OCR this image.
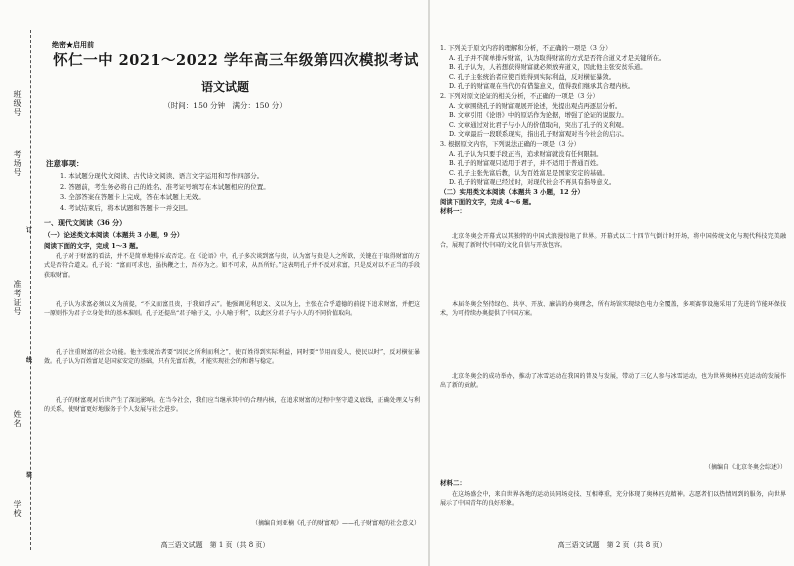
班级号
考场号
准考证号
姓名
学校
订
线
装
绝密★启用前
怀仁一中 2021～2022 学年高三年级第四次模拟考试
语文试题
（时间：150 分钟　满分：150 分）
注意事项：
1. 本试题分现代文阅读、古代诗文阅读、语言文字运用和写作四部分。
2. 答题前，考生务必将自己的姓名、准考证号填写在本试题相应的位置。
3. 全部答案在答题卡上完成，答在本试题上无效。
4. 考试结束后，将本试题和答题卡一并交回。
一、现代文阅读（36 分）
（一）论述类文本阅读（本题共 3 小题，9 分）
阅读下面的文字，完成 1～3 题。
孔子对于财富的看法，并不是简单地排斥或否定。在《论语》中，孔子多次谈到富与贵，认为富与贵是人之所欲，关键在于取得财富的方式是否符合道义。孔子说：“富而可求也，虽执鞭之士，吾亦为之。如不可求，从吾所好。”这表明孔子并不反对求富，只是反对以不正当的手段获取财富。
孔子认为求富必须以义为前提，“不义而富且贵，于我如浮云”。他强调见利思义、义以为上，主张在合乎道德的前提下追求财富，并把这一原则作为君子立身处世的基本准则。孔子还提出“君子喻于义，小人喻于利”，以此区分君子与小人的不同价值取向。
孔子注重财富的社会功能。他主张统治者要“因民之所利而利之”，使百姓得到实际利益，同时要“节用而爱人，使民以时”，反对横征暴敛。孔子认为百姓富足是国家安定的基础，只有先富后教，才能实现社会的和谐与稳定。
孔子的财富观对后世产生了深远影响。在当今社会，我们应当继承其中的合理内核，在追求财富的过程中坚守道义底线，正确处理义与利的关系，使财富更好地服务于个人发展与社会进步。
（摘编自刘亚楠《孔子的财富观》——孔子财富观的社会意义）
高三语文试题　第 1 页（共 8 页）
1. 下列关于原文内容的理解和分析，不正确的一项是（3 分）
A. 孔子并不简单排斥财富，认为取得财富的方式是否符合道义才是关键所在。
B. 孔子认为，人若想获得财富就必须放弃道义，因此他主张安贫乐道。
C. 孔子主张统治者应使百姓得到实际利益，反对横征暴敛。
D. 孔子的财富观在当代仍有借鉴意义，值得我们继承其合理内核。
2. 下列对原文论证的相关分析，不正确的一项是（3 分）
A. 文章围绕孔子的财富观展开论述，先提出观点再逐层分析。
B. 文章引用《论语》中的原话作为论据，增强了论证的说服力。
C. 文章通过对比君子与小人的价值取向，突出了孔子的义利观。
D. 文章最后一段联系现实，指出孔子财富观对当今社会的启示。
3. 根据原文内容，下列说法正确的一项是（3 分）
A. 孔子认为只要手段正当，追求财富就没有任何限制。
B. 孔子的财富观只适用于君子，并不适用于普通百姓。
C. 孔子主张先富后教，认为百姓富足是国家安定的基础。
D. 孔子的财富观已经过时，对现代社会不再具有指导意义。
（二）实用类文本阅读（本题共 3 小题，12 分）
阅读下面的文字，完成 4～6 题。
材料一：
北京冬奥会开幕式以其独特的中国式浪漫惊艳了世界。开幕式以二十四节气倒计时开场，将中国传统文化与现代科技完美融合，展现了新时代中国的文化自信与开放包容。
本届冬奥会坚持绿色、共享、开放、廉洁的办奥理念，所有场馆实现绿色电力全覆盖，多项赛事设施采用了先进的节能环保技术，为可持续办奥提供了中国方案。
北京冬奥会的成功举办，推动了冰雪运动在我国的普及与发展，带动了三亿人参与冰雪运动，也为世界奥林匹克运动的发展作出了新的贡献。
（摘编自《北京冬奥会综述》）
材料二：
在这场盛会中，来自世界各地的运动员同场竞技、互相尊重，充分体现了奥林匹克精神。志愿者们以热情周到的服务，向世界展示了中国青年的良好形象。
高三语文试题　第 2 页（共 8 页）
